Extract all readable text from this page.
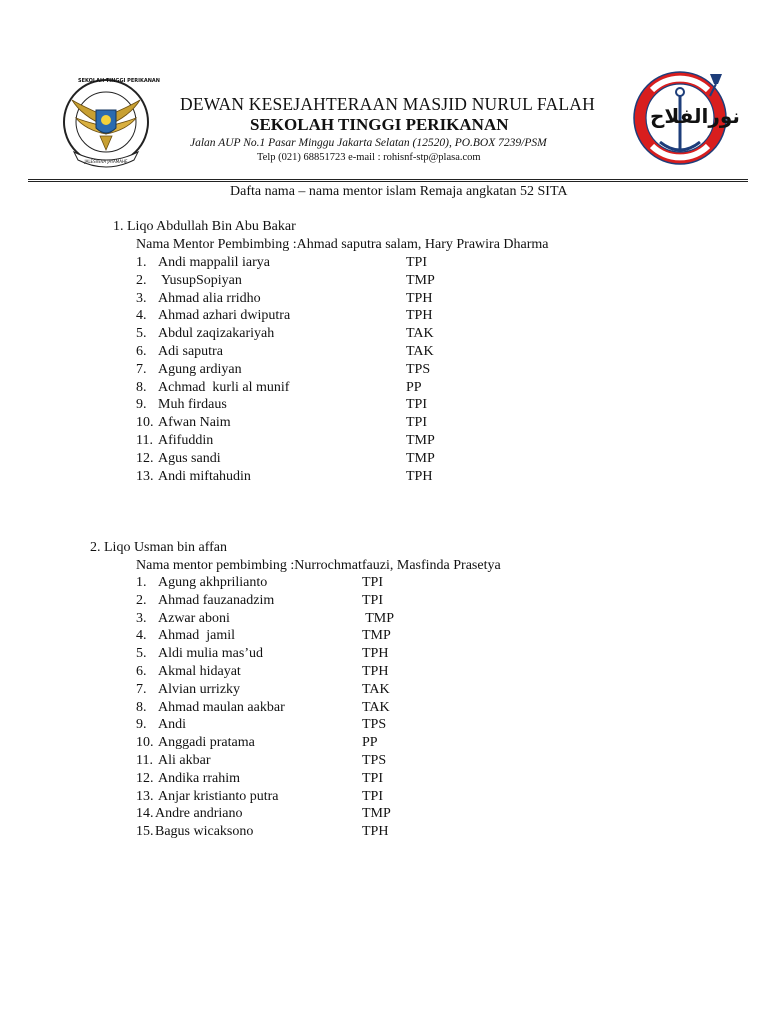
SEKOLAH TINGGI PERIKANAN
JALESVEVA JAYAMAHE
DEWAN KESEJAHTERAAN MASJID NURUL FALAH
SEKOLAH TINGGI PERIKANAN
Jalan AUP No.1 Pasar Minggu Jakarta Selatan (12520), PO.BOX 7239/PSM
Telp (021) 68851723 e-mail : rohisnf-stp@plasa.com
نورالفلاح
Dafta nama – nama mentor islam Remaja angkatan 52 SITA
1. Liqo Abdullah Bin Abu Bakar
Nama Mentor Pembimbing :Ahmad saputra salam, Hary Prawira Dharma
1. Andi mappalil iarya	TPI
2. YusupSopiyan	TMP
3. Ahmad alia rridho	TPH
4. Ahmad azhari dwiputra	TPH
5. Abdul zaqizakariyah	TAK
6. Adi saputra	TAK
7. Agung ardiyan	TPS
8. Achmad  kurli al munif	PP
9. Muh firdaus	TPI
10. Afwan Naim	TPI
11. Afifuddin	TMP
12. Agus sandi	TMP
13. Andi miftahudin	TPH
2. Liqo Usman bin affan
Nama mentor pembimbing :Nurrochmatfauzi, Masfinda Prasetya
1. Agung akhprilianto	TPI
2. Ahmad fauzanadzim	TPI
3. Azwar aboni	TMP
4. Ahmad  jamil	TMP
5. Aldi mulia mas’ud	TPH
6. Akmal hidayat	TPH
7. Alvian urrizky	TAK
8. Ahmad maulan aakbar	TAK
9. Andi	TPS
10. Anggadi pratama	PP
11. Ali akbar	TPS
12. Andika rrahim	TPI
13. Anjar kristianto putra	TPI
14. Andre andriano	TMP
15. Bagus wicaksono	TPH
